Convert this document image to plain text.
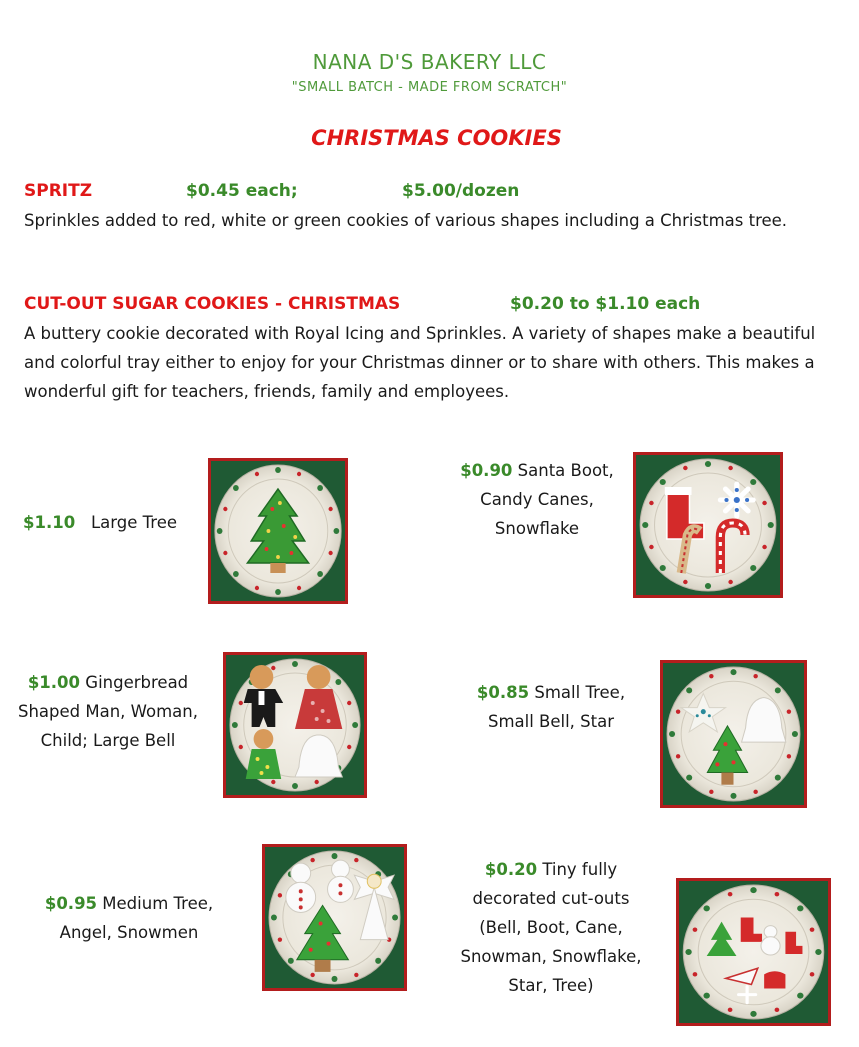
NANA D'S BAKERY LLC
"SMALL BATCH - MADE FROM SCRATCH"
CHRISTMAS COOKIES
SPRITZ	$0.45 each;	$5.00/dozen
Sprinkles added to red, white or green cookies of various shapes including a Christmas tree.
CUT-OUT SUGAR COOKIES - CHRISTMAS	$0.20 to $1.10 each
A buttery cookie decorated with Royal Icing and Sprinkles. A variety of shapes make a beautiful and colorful tray either to enjoy for your Christmas dinner or to share with others. This makes a wonderful gift for teachers, friends, family and employees.
$1.10 Large Tree
$0.90 Santa Boot, Candy Canes, Snowflake
$1.00 Gingerbread Shaped Man, Woman, Child; Large Bell
$0.85 Small Tree, Small Bell, Star
$0.95 Medium Tree, Angel, Snowmen
$0.20 Tiny fully decorated cut-outs (Bell, Boot, Cane, Snowman, Snowflake, Star, Tree)
